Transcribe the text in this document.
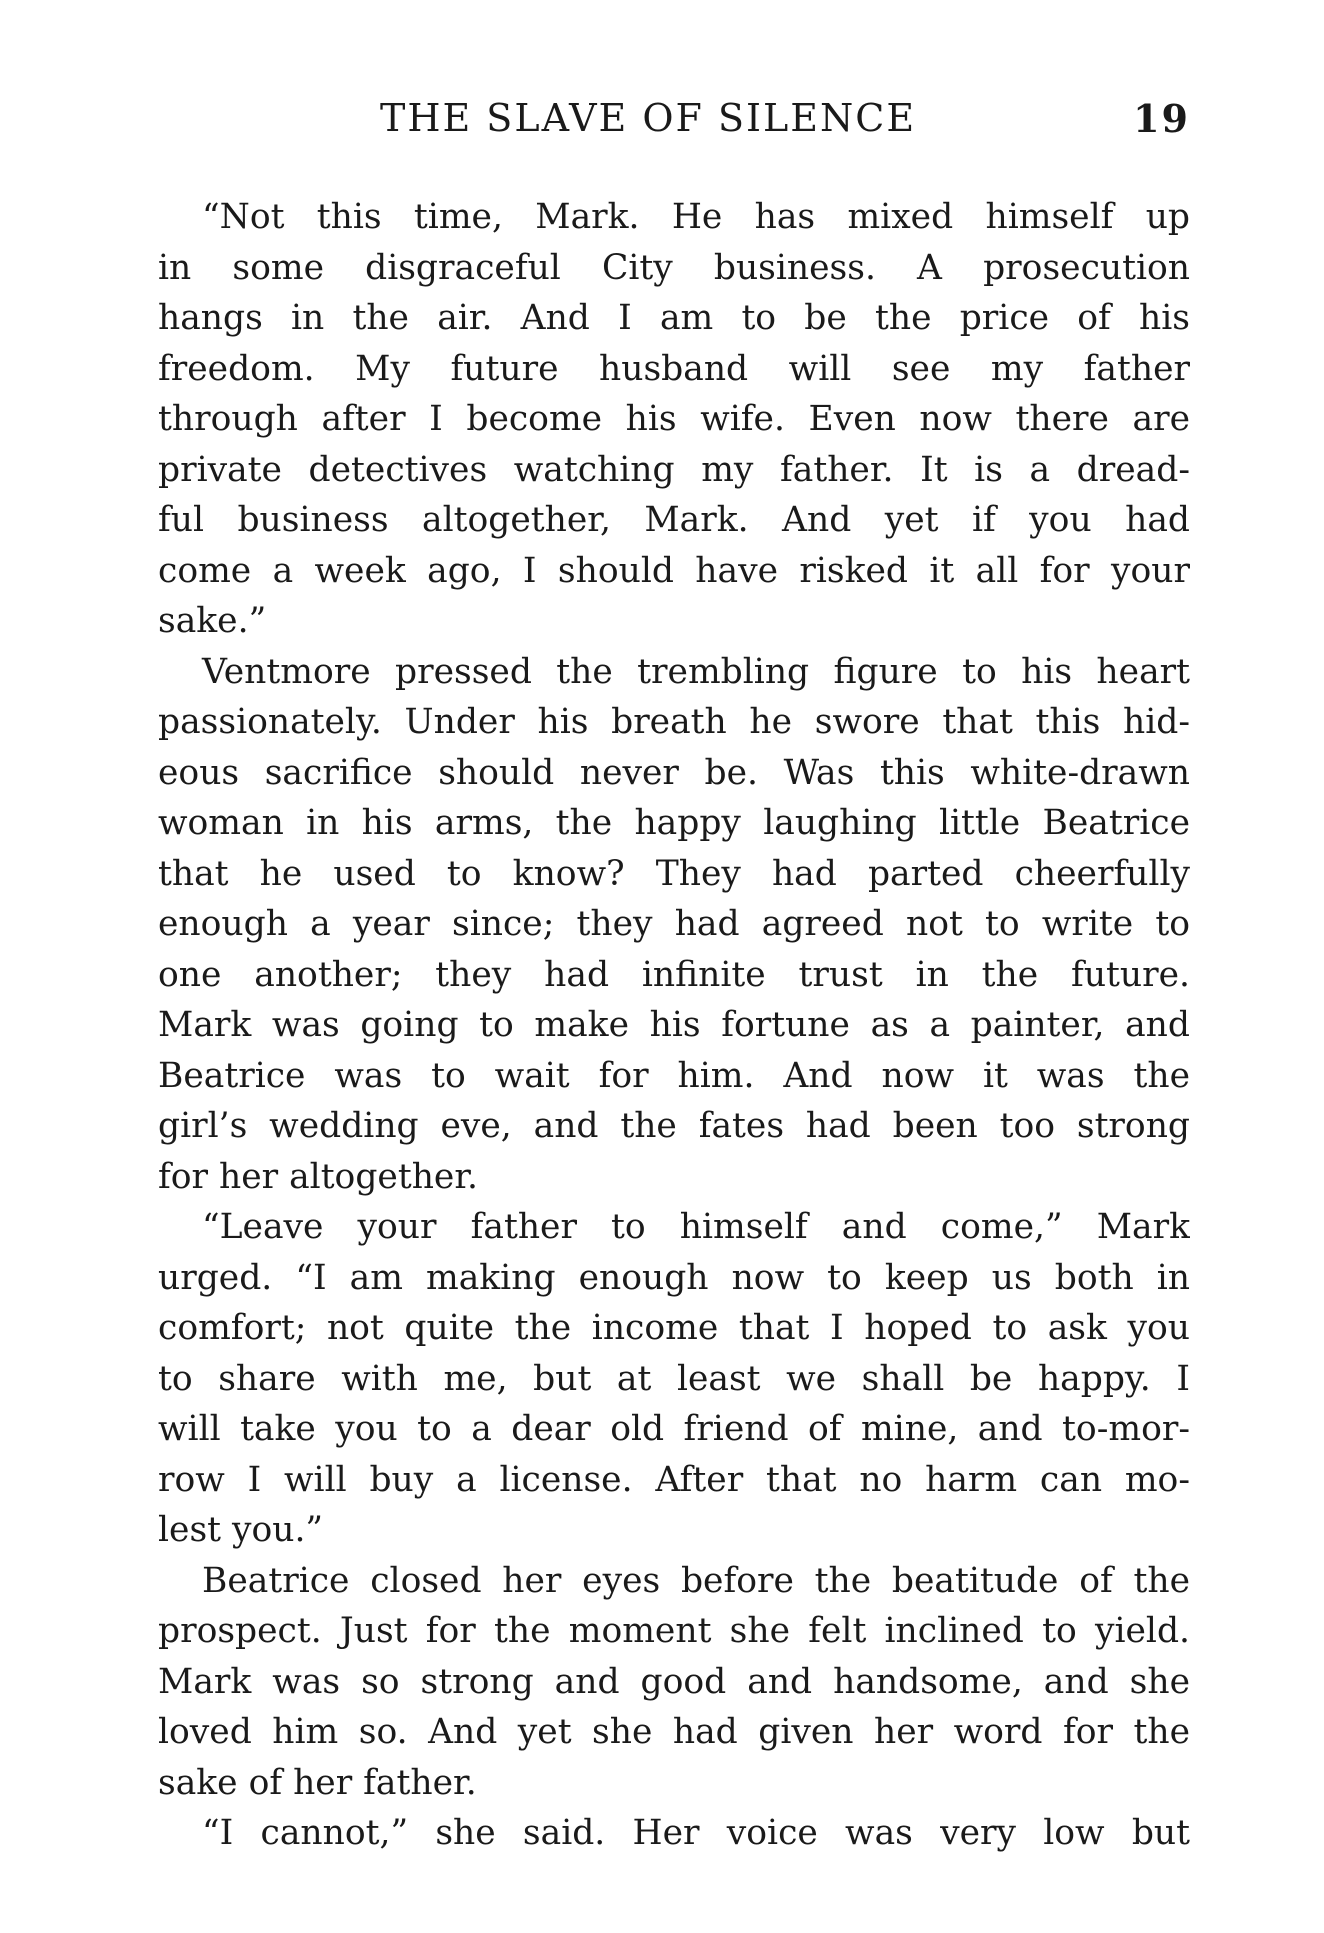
THE SLAVE OF SILENCE	19
“Not this time, Mark. He has mixed himself up
in some disgraceful City business. A prosecution
hangs in the air. And I am to be the price of his
freedom. My future husband will see my father
through after I become his wife. Even now there are
private detectives watching my father. It is a dread-
ful business altogether, Mark. And yet if you had
come a week ago, I should have risked it all for your
sake.”
Ventmore pressed the trembling figure to his heart
passionately. Under his breath he swore that this hid-
eous sacrifice should never be. Was this white-drawn
woman in his arms, the happy laughing little Beatrice
that he used to know? They had parted cheerfully
enough a year since; they had agreed not to write to
one another; they had infinite trust in the future.
Mark was going to make his fortune as a painter, and
Beatrice was to wait for him. And now it was the
girl’s wedding eve, and the fates had been too strong
for her altogether.
“Leave your father to himself and come,” Mark
urged. “I am making enough now to keep us both in
comfort; not quite the income that I hoped to ask you
to share with me, but at least we shall be happy. I
will take you to a dear old friend of mine, and to-mor-
row I will buy a license. After that no harm can mo-
lest you.”
Beatrice closed her eyes before the beatitude of the
prospect. Just for the moment she felt inclined to yield.
Mark was so strong and good and handsome, and she
loved him so. And yet she had given her word for the
sake of her father.
“I cannot,” she said. Her voice was very low but
